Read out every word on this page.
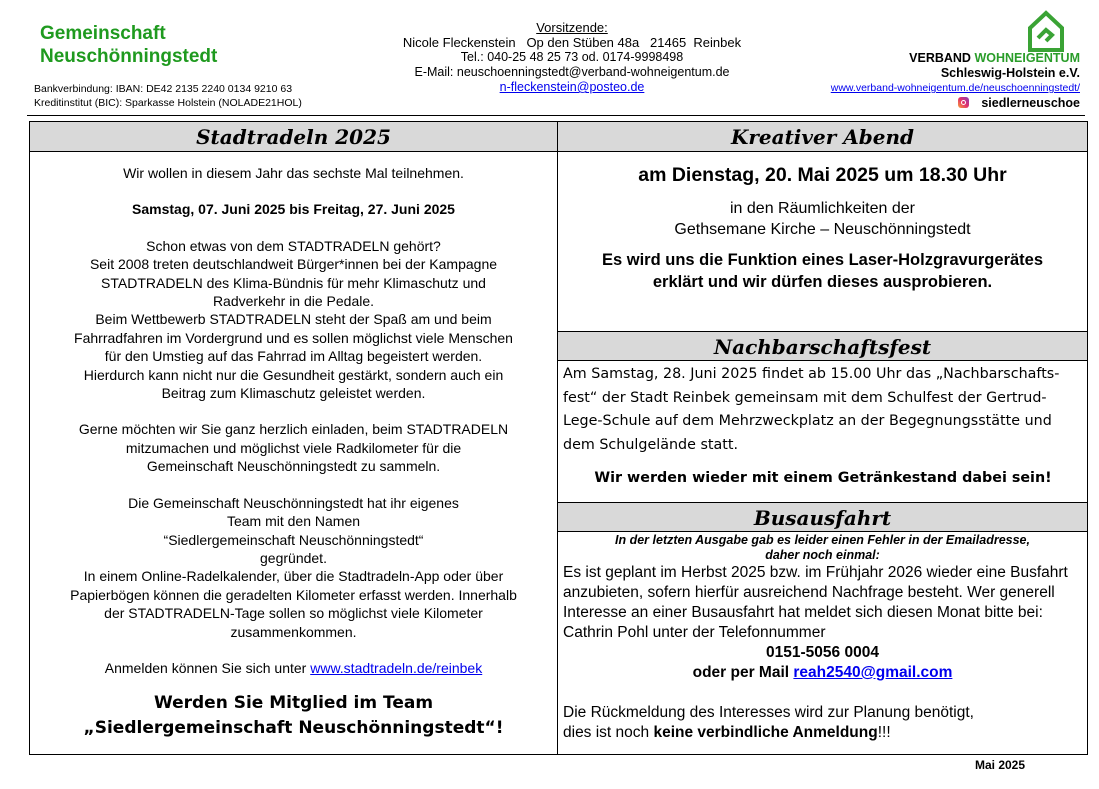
Gemeinschaft
Neuschönningstedt
Bankverbindung: IBAN: DE42 2135 2240 0134 9210 63
Kreditinstitut (BIC): Sparkasse Holstein (NOLADE21HOL)
Vorsitzende:
Nicole Fleckenstein   Op den Stüben 48a   21465  Reinbek
Tel.: 040-25 48 25 73 od. 0174-9998498
E-Mail: neuschoenningstedt@verband-wohneigentum.de
n-fleckenstein@posteo.de
VERBAND WOHNEIGENTUM
Schleswig-Holstein e.V.
www.verband-wohneigentum.de/neuschoenningstedt/
siedlerneuschoe
Stadtradeln 2025

Wir wollen in diesem Jahr das sechste Mal teilnehmen.

Samstag, 07. Juni 2025 bis Freitag, 27. Juni 2025

Schon etwas von dem STADTRADELN gehört?

Seit 2008 treten deutschlandweit Bürger*innen bei der Kampagne

STADTRADELN des Klima-Bündnis für mehr Klimaschutz und

Radverkehr in die Pedale.

Beim Wettbewerb STADTRADELN steht der Spaß am und beim

Fahrradfahren im Vordergrund und es sollen möglichst viele Menschen

für den Umstieg auf das Fahrrad im Alltag begeistert werden.

Hierdurch kann nicht nur die Gesundheit gestärkt, sondern auch ein

Beitrag zum Klimaschutz geleistet werden.

Gerne möchten wir Sie ganz herzlich einladen, beim STADTRADELN

mitzumachen und möglichst viele Radkilometer für die

Gemeinschaft Neuschönningstedt zu sammeln.

Die Gemeinschaft Neuschönningstedt hat ihr eigenes

Team mit den Namen

“Siedlergemeinschaft Neuschönningstedt“

gegründet.

In einem Online-Radelkalender, über die Stadtradeln-App oder über

Papierbögen können die geradelten Kilometer erfasst werden. Innerhalb

der STADTRADELN-Tage sollen so möglichst viele Kilometer

zusammenkommen.

Anmelden können Sie sich unter www.stadtradeln.de/reinbek

Werden Sie Mitglied im Team

„Siedlergemeinschaft Neuschönningstedt“!

Kreativer Abend
am Dienstag, 20. Mai 2025 um 18.30 Uhr
in den Räumlichkeiten der
Gethsemane Kirche – Neuschönningstedt
Es wird uns die Funktion eines Laser-Holzgravurgerätes
erklärt und wir dürfen dieses ausprobieren.
Nachbarschaftsfest
Am Samstag, 28. Juni 2025 findet ab 15.00 Uhr das „Nachbarschafts-fest“ der Stadt Reinbek gemeinsam mit dem Schulfest der Gertrud-Lege-Schule auf dem Mehrzweckplatz an der Begegnungsstätte und dem Schulgelände statt.
Wir werden wieder mit einem Getränkestand dabei sein!
Busausfahrt
In der letzten Ausgabe gab es leider einen Fehler in der Emailadresse,
daher noch einmal:
Es ist geplant im Herbst 2025 bzw. im Frühjahr 2026 wieder eine Busfahrt anzubieten, sofern hierfür ausreichend Nachfrage besteht. Wer generell Interesse an einer Busausfahrt hat meldet sich diesen Monat bitte bei: Cathrin Pohl unter der Telefonnummer
0151-5056 0004
oder per Mail reah2540@gmail.com
Die Rückmeldung des Interesses wird zur Planung benötigt,
dies ist noch keine verbindliche Anmeldung!!!
Mai 2025
